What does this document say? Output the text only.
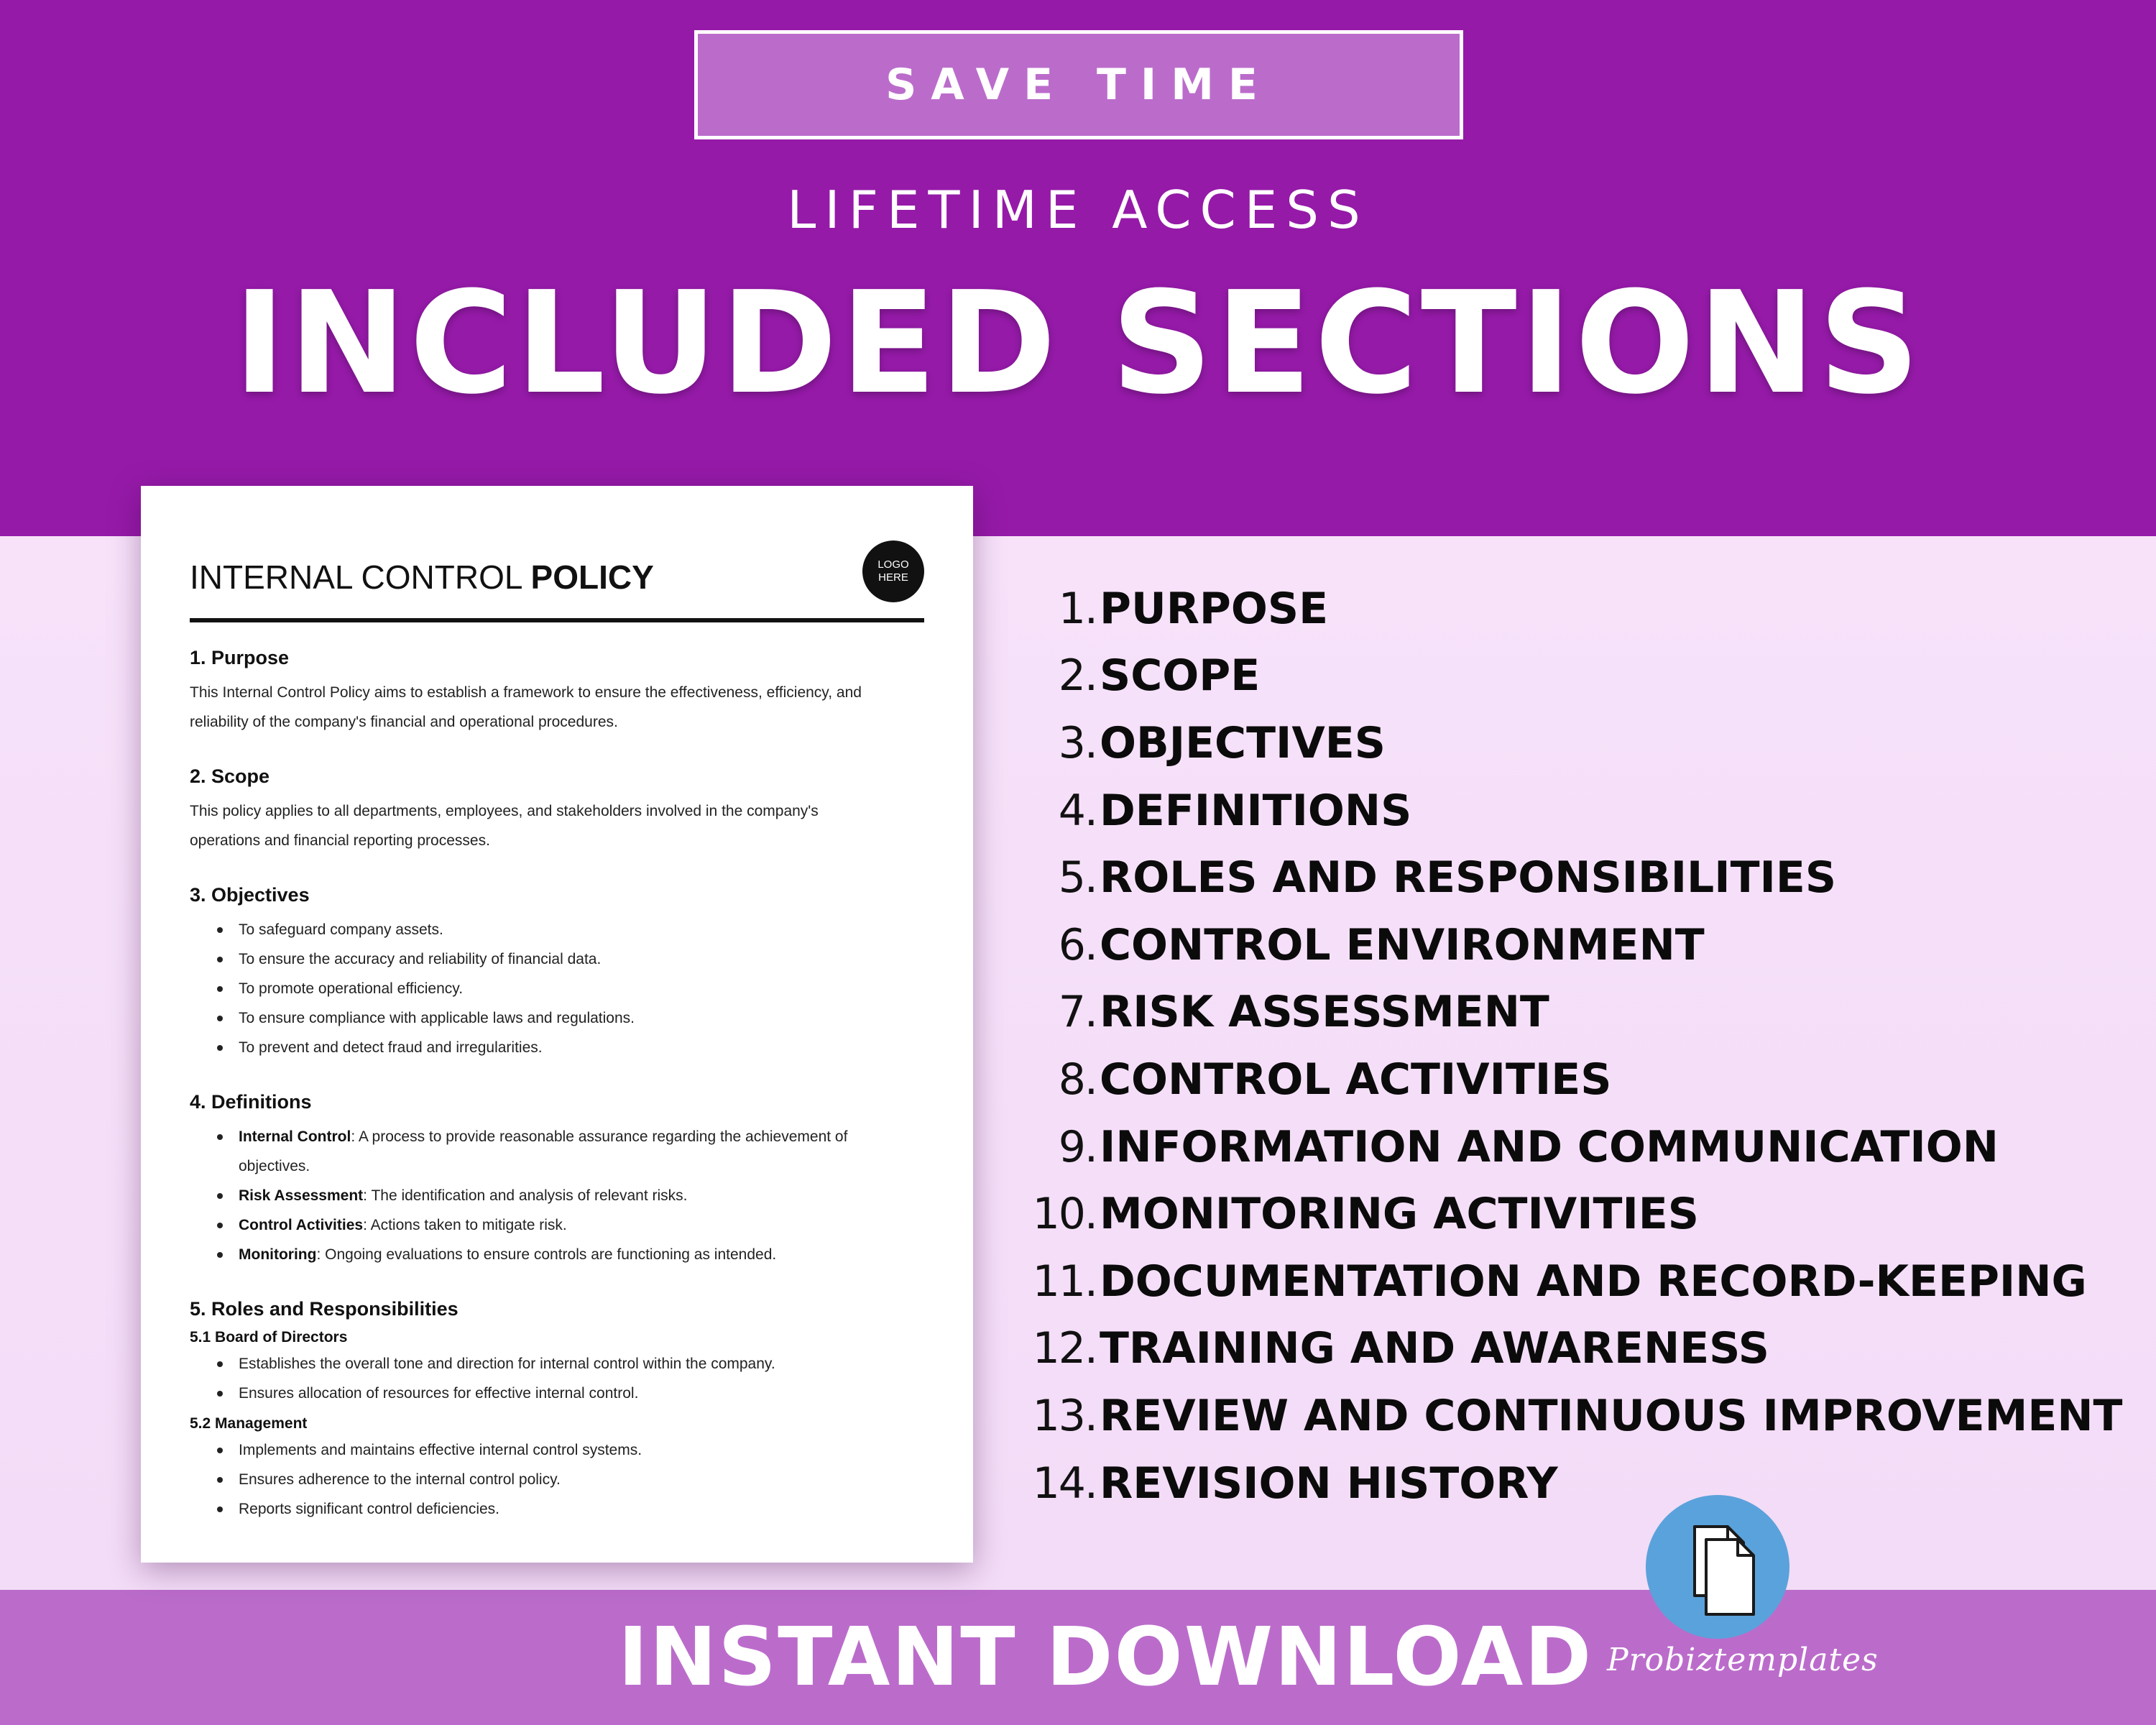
SAVE TIME
LIFETIME ACCESS
INCLUDED SECTIONS
INTERNAL CONTROL POLICY	LOGO
HERE
1. Purpose
This Internal Control Policy aims to establish a framework to ensure the effectiveness, efficiency, and
reliability of the company's financial and operational procedures.
2. Scope
This policy applies to all departments, employees, and stakeholders involved in the company's
operations and financial reporting processes.
3. Objectives
To safeguard company assets.
To ensure the accuracy and reliability of financial data.
To promote operational efficiency.
To ensure compliance with applicable laws and regulations.
To prevent and detect fraud and irregularities.
4. Definitions
Internal Control: A process to provide reasonable assurance regarding the achievement of
objectives.
Risk Assessment: The identification and analysis of relevant risks.
Control Activities: Actions taken to mitigate risk.
Monitoring: Ongoing evaluations to ensure controls are functioning as intended.
5. Roles and Responsibilities
5.1 Board of Directors
Establishes the overall tone and direction for internal control within the company.
Ensures allocation of resources for effective internal control.
5.2 Management
Implements and maintains effective internal control systems.
Ensures adherence to the internal control policy.
Reports significant control deficiencies.
1. PURPOSE
2. SCOPE
3. OBJECTIVES
4. DEFINITIONS
5. ROLES AND RESPONSIBILITIES
6. CONTROL ENVIRONMENT
7. RISK ASSESSMENT
8. CONTROL ACTIVITIES
9. INFORMATION AND COMMUNICATION
10. MONITORING ACTIVITIES
11. DOCUMENTATION AND RECORD-KEEPING
12. TRAINING AND AWARENESS
13. REVIEW AND CONTINUOUS IMPROVEMENT
14. REVISION HISTORY
INSTANT DOWNLOAD Probiztemplates
